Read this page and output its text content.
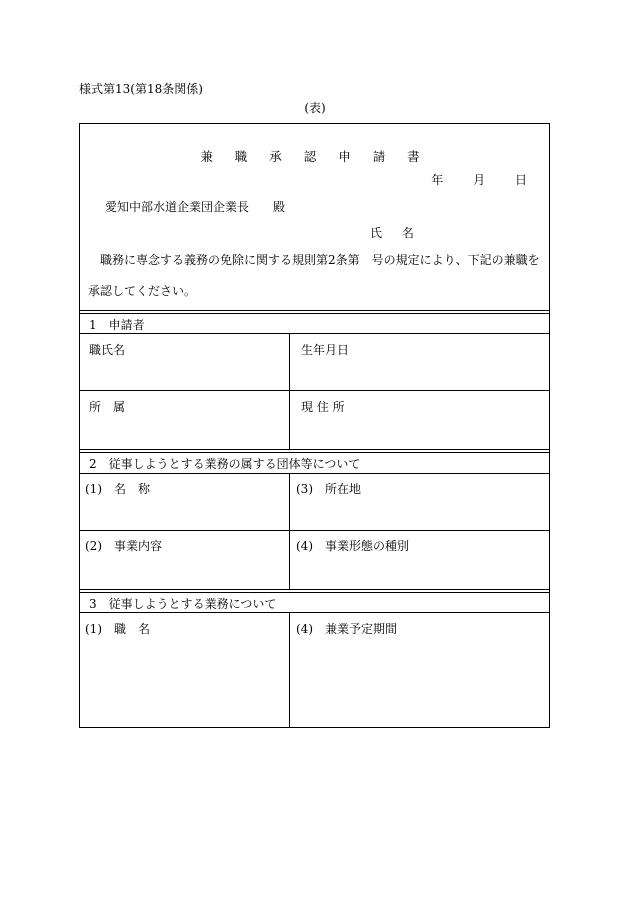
様式第13(第18条関係)
(表)
兼 職 承 認 申 請 書
年 月 日
愛知中部水道企業団企業長　　殿
氏 名
職務に専念する義務の免除に関する規則第2条第　号の規定により、下記の兼職を承認してください。
1　申請者
職氏名	生年月日
所　属	現 住 所
2　従事しようとする業務の属する団体等について
(1)　名　称	(3)　所在地
(2)　事業内容	(4)　事業形態の種別
3　従事しようとする業務について
(1)　職　名	(4)　兼業予定期間
